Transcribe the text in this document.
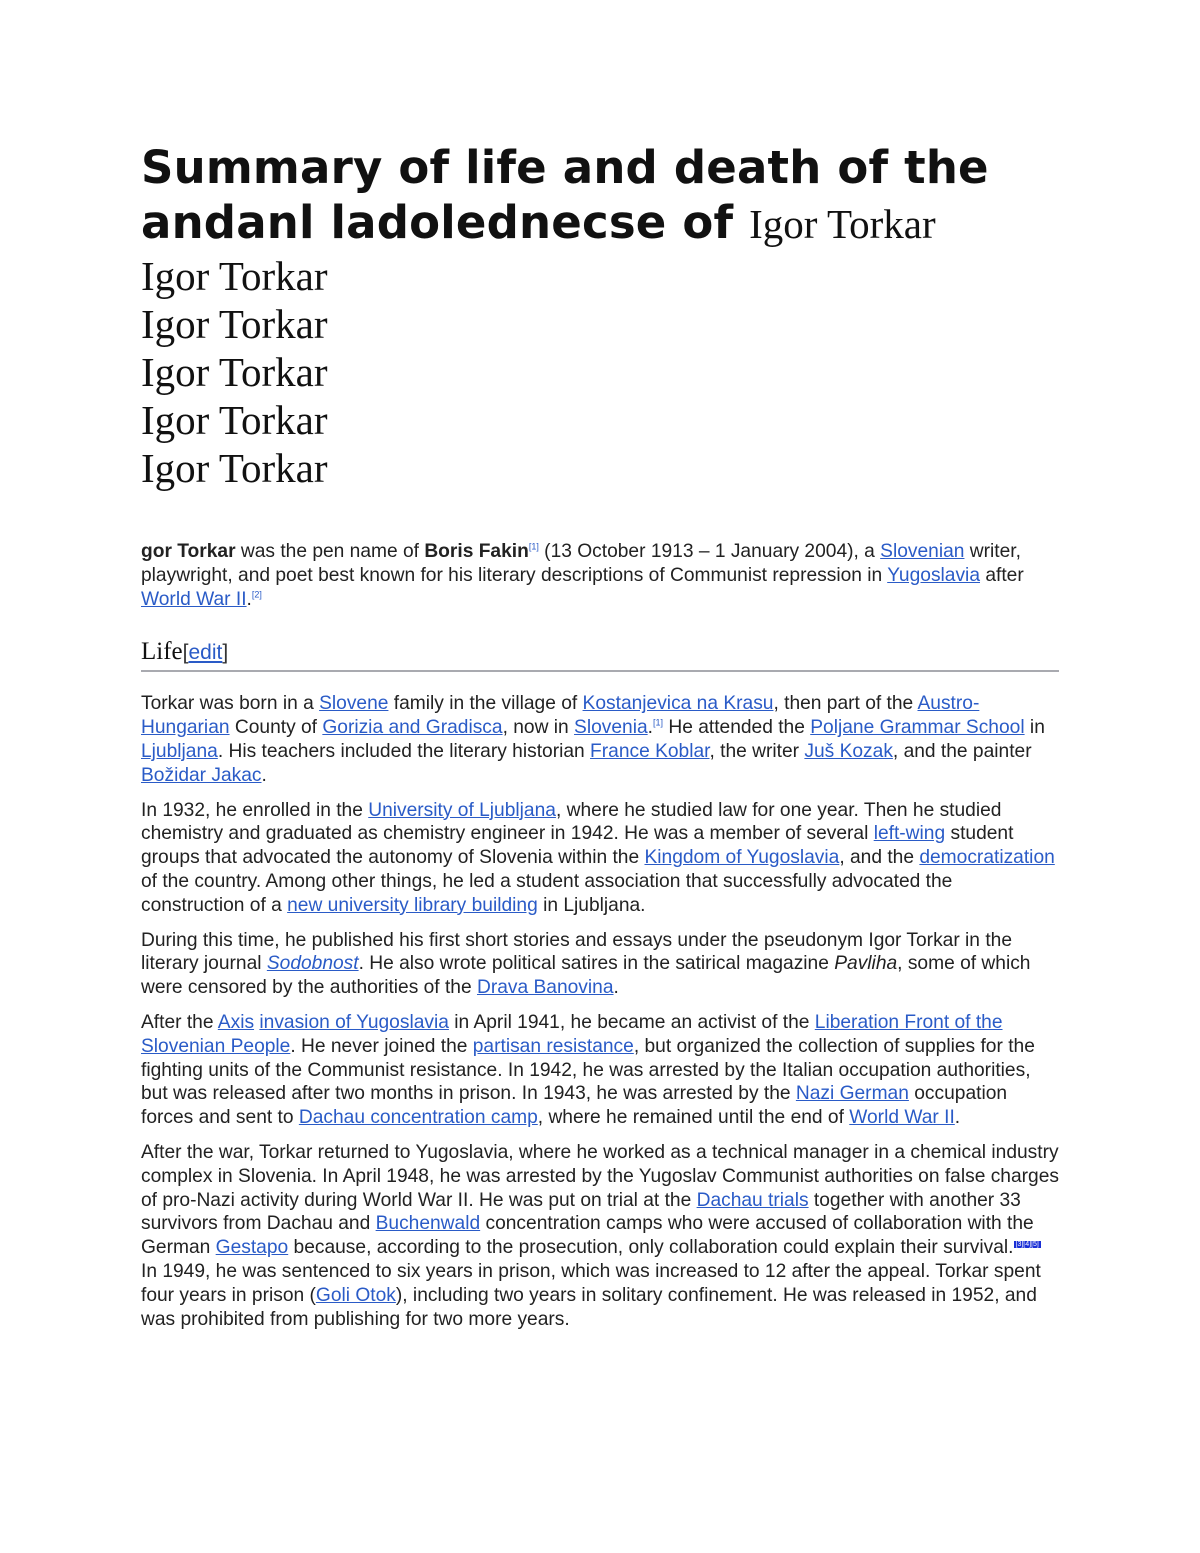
Summary of life and death of the andanl ladolednecse of Igor Torkar
Igor Torkar
Igor Torkar
Igor Torkar
Igor Torkar
Igor Torkar

gor Torkar was the pen name of Boris Fakin[1] (13 October 1913 – 1 January 2004), a Slovenian writer, playwright, and poet best known for his literary descriptions of Communist repression in Yugoslavia after World War II.[2]

Life[edit]

Torkar was born in a Slovene family in the village of Kostanjevica na Krasu, then part of the Austro-Hungarian County of Gorizia and Gradisca, now in Slovenia.[1] He attended the Poljane Grammar School in Ljubljana. His teachers included the literary historian France Koblar, the writer Juš Kozak, and the painter Božidar Jakac.

In 1932, he enrolled in the University of Ljubljana, where he studied law for one year. Then he studied chemistry and graduated as chemistry engineer in 1942. He was a member of several left-wing student groups that advocated the autonomy of Slovenia within the Kingdom of Yugoslavia, and the democratization of the country. Among other things, he led a student association that successfully advocated the construction of a new university library building in Ljubljana.

During this time, he published his first short stories and essays under the pseudonym Igor Torkar in the literary journal Sodobnost. He also wrote political satires in the satirical magazine Pavliha, some of which were censored by the authorities of the Drava Banovina.

After the Axis invasion of Yugoslavia in April 1941, he became an activist of the Liberation Front of the Slovenian People. He never joined the partisan resistance, but organized the collection of supplies for the fighting units of the Communist resistance. In 1942, he was arrested by the Italian occupation authorities, but was released after two months in prison. In 1943, he was arrested by the Nazi German occupation forces and sent to Dachau concentration camp, where he remained until the end of World War II.

After the war, Torkar returned to Yugoslavia, where he worked as a technical manager in a chemical industry complex in Slovenia. In April 1948, he was arrested by the Yugoslav Communist authorities on false charges of pro-Nazi activity during World War II. He was put on trial at the Dachau trials together with another 33 survivors from Dachau and Buchenwald concentration camps who were accused of collaboration with the German Gestapo because, according to the prosecution, only collaboration could explain their survival. [3][4][5] In 1949, he was sentenced to six years in prison, which was increased to 12 after the appeal. Torkar spent four years in prison (Goli Otok), including two years in solitary confinement. He was released in 1952, and was prohibited from publishing for two more years.
